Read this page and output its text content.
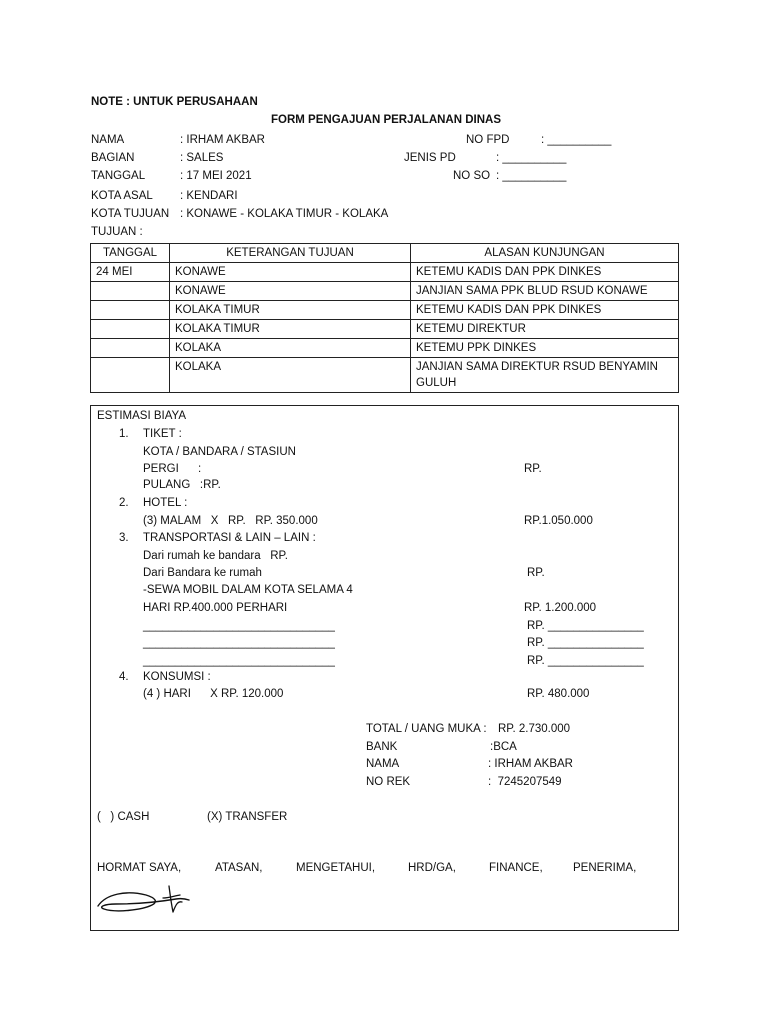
NOTE : UNTUK PERUSAHAAN
FORM PENGAJUAN PERJALANAN DINAS
NAMA	: IRHAM AKBAR	NO FPD	: __________
BAGIAN	: SALES	JENIS PD	: __________
TANGGAL	: 17 MEI 2021	NO SO : __________
KOTA ASAL : KENDARI
KOTA TUJUAN : KONAWE - KOLAKA TIMUR - KOLAKA
TUJUAN :
TANGGAL	KETERANGAN TUJUAN	ALASAN KUNJUNGAN
24 MEI	KONAWE	KETEMU KADIS DAN PPK DINKES
	KONAWE	JANJIAN SAMA PPK BLUD RSUD KONAWE
	KOLAKA TIMUR	KETEMU KADIS DAN PPK DINKES
	KOLAKA TIMUR	KETEMU DIREKTUR
	KOLAKA	KETEMU PPK DINKES
	KOLAKA	JANJIAN SAMA DIREKTUR RSUD BENYAMIN GULUH
ESTIMASI BIAYA
1. TIKET :
KOTA / BANDARA / STASIUN
PERGI      :	RP.
PULANG   :RP.
2. HOTEL :
(3) MALAM   X   RP.   RP. 350.000	RP.1.050.000
3. TRANSPORTASI & LAIN – LAIN :
Dari rumah ke bandara   RP.
Dari Bandara ke rumah	RP.
-SEWA MOBIL DALAM KOTA SELAMA 4
HARI RP.400.000 PERHARI	RP. 1.200.000
______________________________	RP. _______________
______________________________	RP. _______________
______________________________	RP. _______________
4. KONSUMSI :
(4 ) HARI      X RP. 120.000	RP. 480.000
TOTAL / UANG MUKA : RP. 2.730.000
BANK	:BCA
NAMA	: IRHAM AKBAR
NO REK	:  7245207549
(   ) CASH	(X) TRANSFER
HORMAT SAYA,	ATASAN,	MENGETAHUI,	HRD/GA,	FINANCE,	PENERIMA,
